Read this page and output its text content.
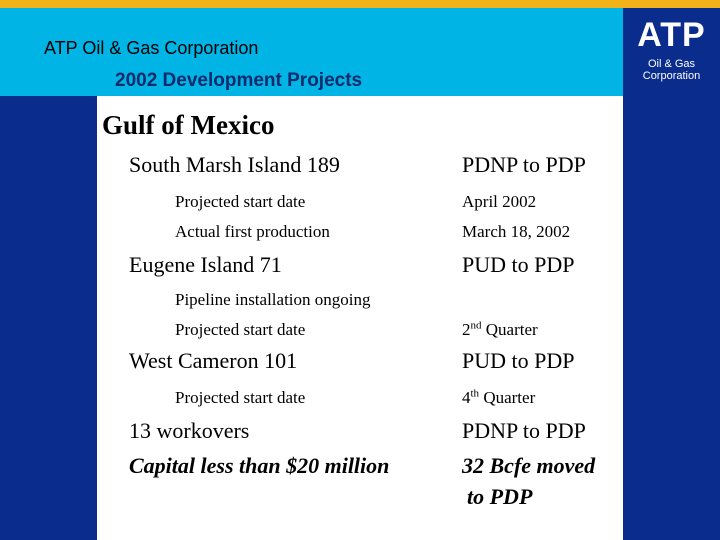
ATP Oil & Gas Corporation
2002 Development Projects
ATP
Oil & Gas
Corporation
Gulf of Mexico
South Marsh Island 189	PDNP to PDP
Projected start date	April 2002
Actual first production	March 18, 2002
Eugene Island 71	PUD to PDP
Pipeline installation ongoing
Projected start date	2nd Quarter
West Cameron 101	PUD to PDP
Projected start date	4th Quarter
13 workovers	PDNP to PDP
Capital less than $20 million	32 Bcfe moved
to PDP
